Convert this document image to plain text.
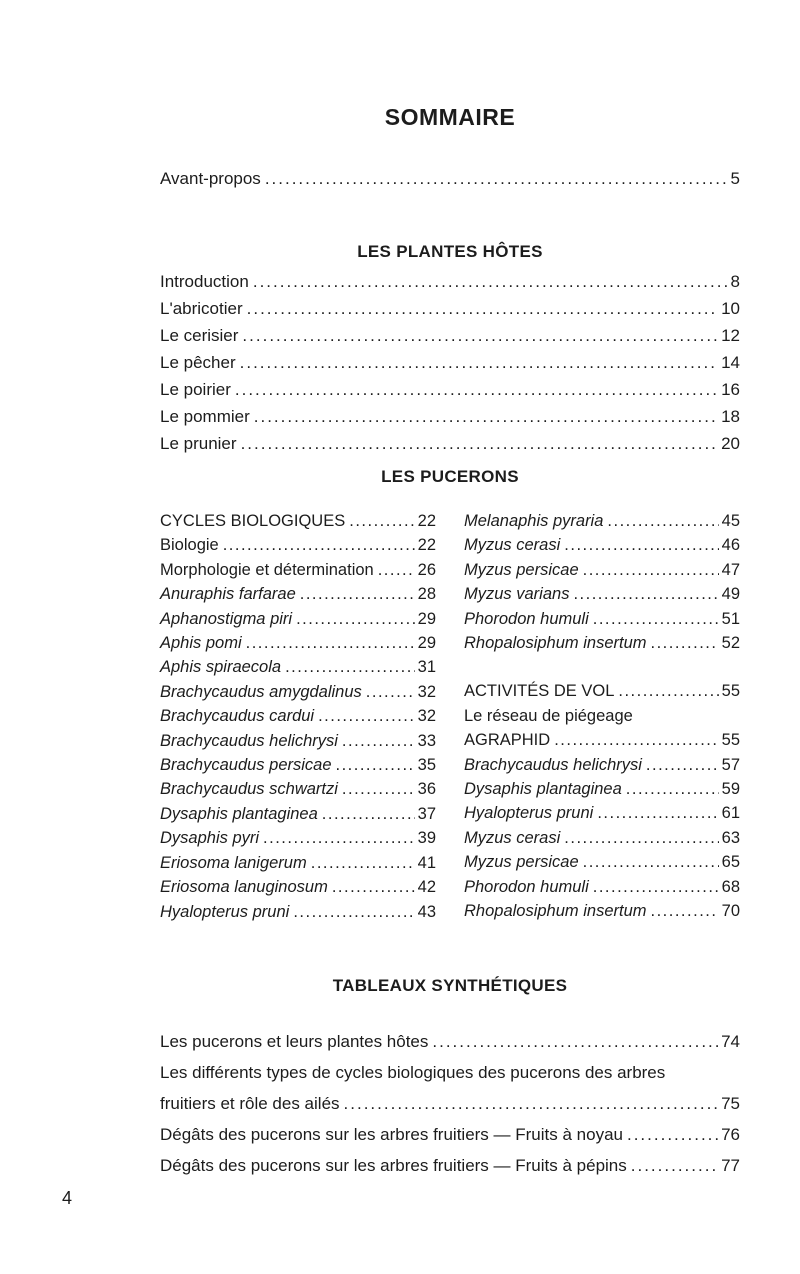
SOMMAIRE
Avant-propos .....	5
LES PLANTES HÔTES
Introduction .....	8
L'abricotier .....	10
Le cerisier .....	12
Le pêcher .....	14
Le poirier .....	16
Le pommier .....	18
Le prunier .....	20
LES PUCERONS
CYCLES BIOLOGIQUES .....	22
Biologie .....	22
Morphologie et détermination .....	26
Anuraphis farfarae .....	28
Aphanostigma piri .....	29
Aphis pomi .....	29
Aphis spiraecola .....	31
Brachycaudus amygdalinus .....	32
Brachycaudus cardui .....	32
Brachycaudus helichrysi .....	33
Brachycaudus persicae .....	35
Brachycaudus schwartzi .....	36
Dysaphis plantaginea .....	37
Dysaphis pyri .....	39
Eriosoma lanigerum .....	41
Eriosoma lanuginosum .....	42
Hyalopterus pruni .....	43
Melanaphis pyraria .....	45
Myzus cerasi .....	46
Myzus persicae .....	47
Myzus varians .....	49
Phorodon humuli .....	51
Rhopalosiphum insertum .....	52
ACTIVITÉS DE VOL .....	55
Le réseau de piégeage
AGRAPHID .....	55
Brachycaudus helichrysi .....	57
Dysaphis plantaginea .....	59
Hyalopterus pruni .....	61
Myzus cerasi .....	63
Myzus persicae .....	65
Phorodon humuli .....	68
Rhopalosiphum insertum .....	70
TABLEAUX SYNTHÉTIQUES
Les pucerons et leurs plantes hôtes .....	74
Les différents types de cycles biologiques des pucerons des arbres
fruitiers et rôle des ailés .....	75
Dégâts des pucerons sur les arbres fruitiers — Fruits à noyau .....	76
Dégâts des pucerons sur les arbres fruitiers — Fruits à pépins .....	77
4
